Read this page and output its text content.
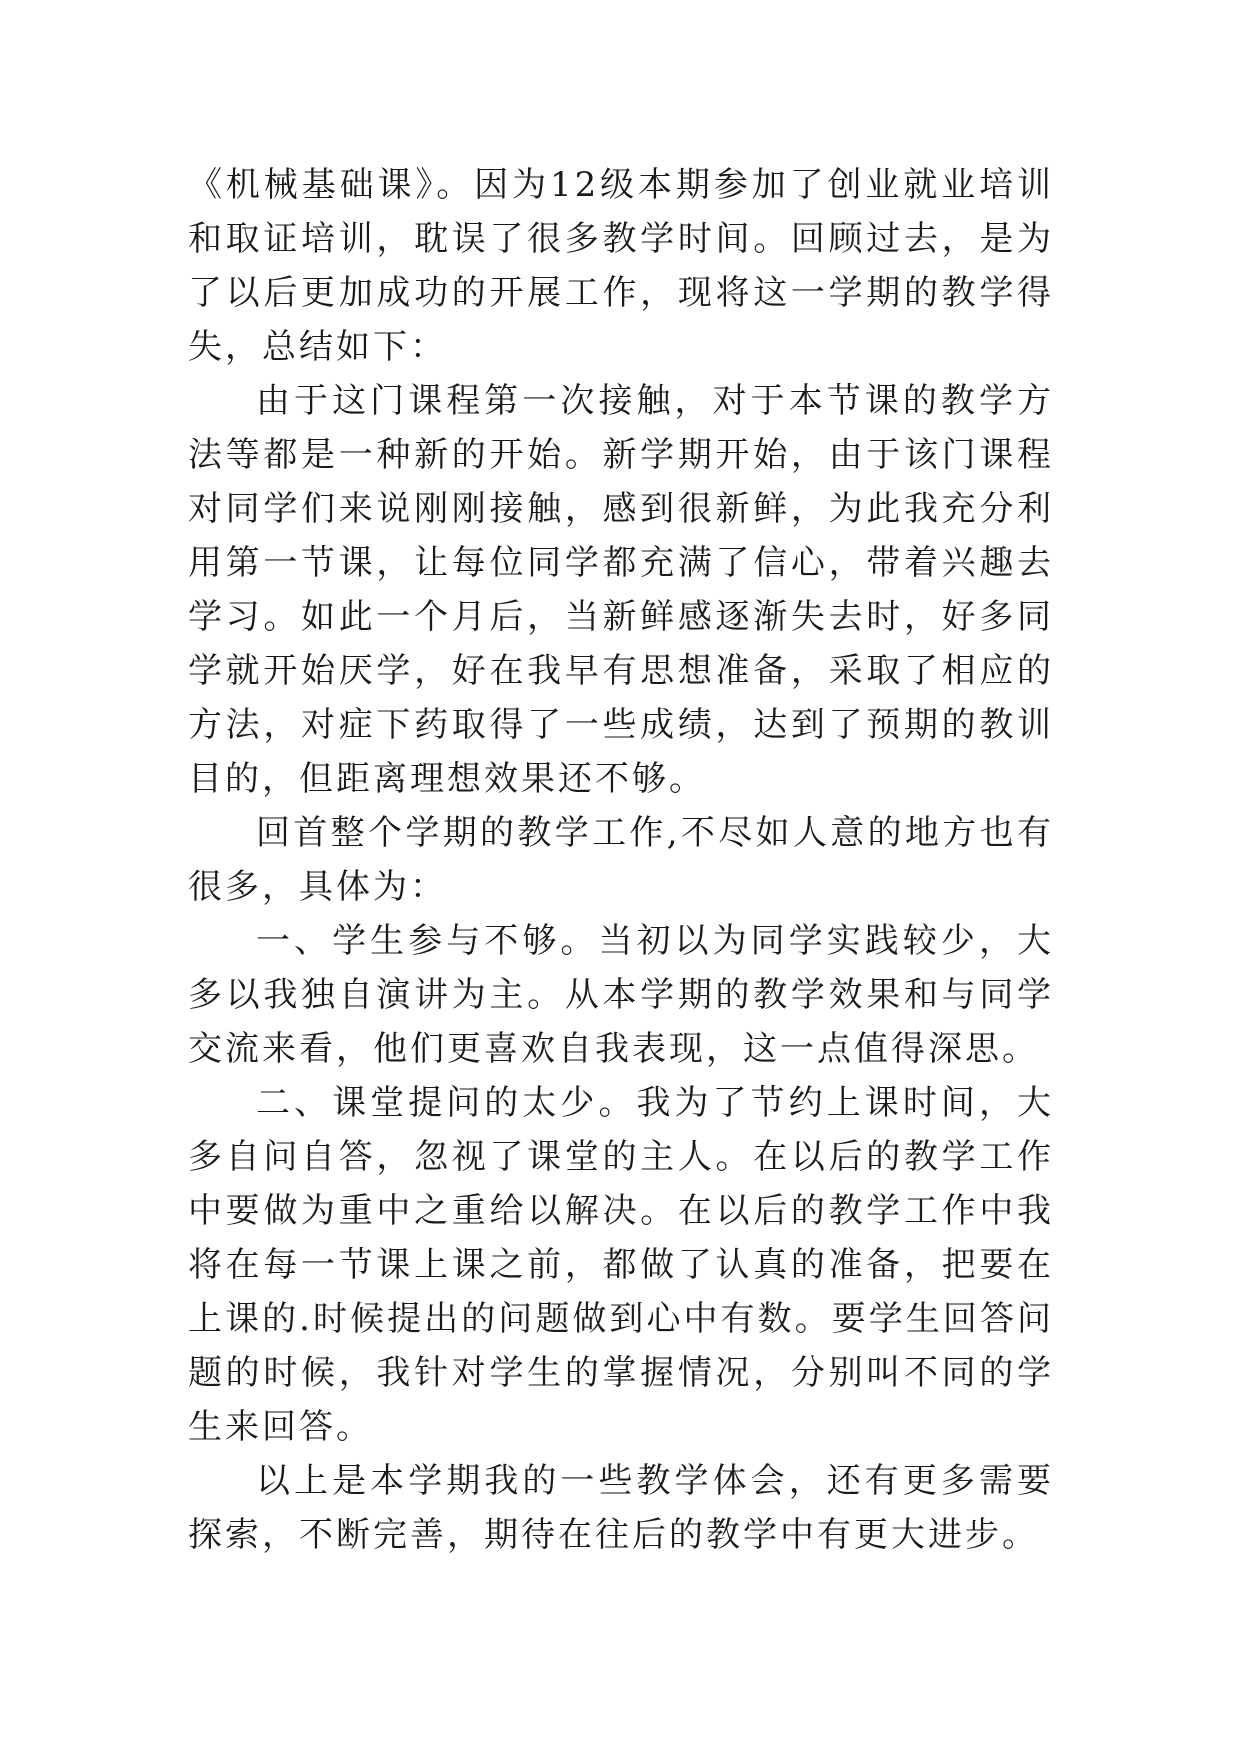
《机械基础课》。因为12级本期参加了创业就业培训和取证培训，耽误了很多教学时间。回顾过去，是为了以后更加成功的开展工作，现将这一学期的教学得失，总结如下：

由于这门课程第一次接触，对于本节课的教学方法等都是一种新的开始。新学期开始，由于该门课程对同学们来说刚刚接触，感到很新鲜，为此我充分利用第一节课，让每位同学都充满了信心，带着兴趣去学习。如此一个月后，当新鲜感逐渐失去时，好多同学就开始厌学，好在我早有思想准备，采取了相应的方法，对症下药取得了一些成绩，达到了预期的教训目的，但距离理想效果还不够。

回首整个学期的教学工作,不尽如人意的地方也有很多，具体为：

一、学生参与不够。当初以为同学实践较少，大多以我独自演讲为主。从本学期的教学效果和与同学交流来看，他们更喜欢自我表现，这一点值得深思。

二、课堂提问的太少。我为了节约上课时间，大多自问自答，忽视了课堂的主人。在以后的教学工作中要做为重中之重给以解决。在以后的教学工作中我将在每一节课上课之前，都做了认真的准备，把要在上课的.时候提出的问题做到心中有数。要学生回答问题的时候，我针对学生的掌握情况，分别叫不同的学生来回答。

以上是本学期我的一些教学体会，还有更多需要探索，不断完善，期待在往后的教学中有更大进步。
